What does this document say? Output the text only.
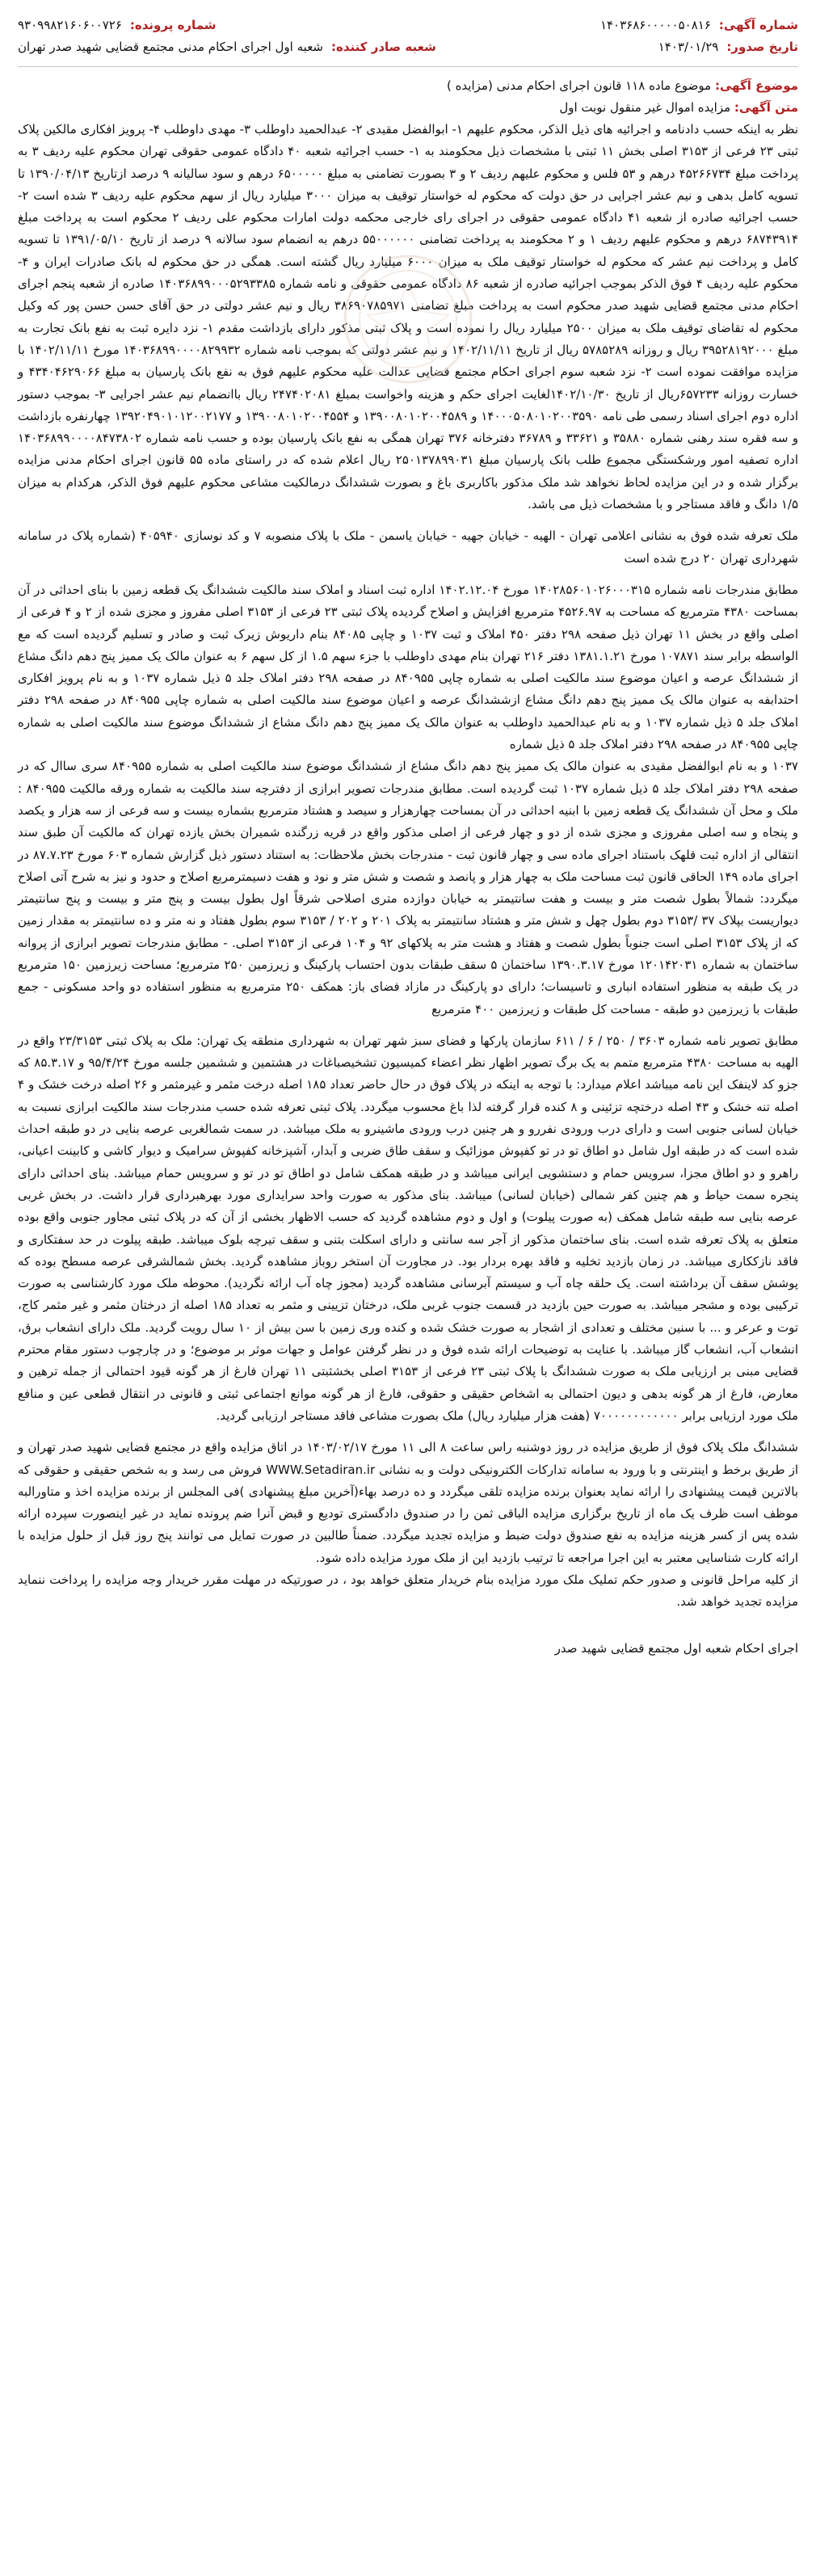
شماره آگهی:
۱۴۰۳۶۸۶۰۰۰۰۰۵۰۸۱۶
شماره پرونده:
۹۳۰۹۹۸۲۱۶۰۶۰۰۷۲۶
تاریخ صدور:
۱۴۰۳/۰۱/۲۹
شعبه صادر کننده:
شعبه اول اجرای احکام مدنی مجتمع قضایی شهید صدر تهران

موضوع آگهی: موضوع ماده ۱۱۸ قانون اجرای احکام مدنی (مزایده )

متن آگهی: مزایده اموال غیر منقول نوبت اول

نظر به اینکه حسب دادنامه و اجرائیه های ذیل الذکر، محکوم علیهم ۱- ابوالفضل مقیدی ۲- عبدالحمید داوطلب ۳- مهدی داوطلب ۴- پرویز افکاری مالکین پلاک ثبتی ۲۳ فرعی از ۳۱۵۳ اصلی بخش ۱۱ ثبتی با مشخصات ذیل محکومند به ۱- حسب اجرائیه شعبه ۴۰ دادگاه عمومی حقوقی تهران محکوم علیه ردیف ۳ به پرداخت مبلغ ۴۵۲۶۶۷۳۴ درهم و ۵۳ فلس و محکوم علیهم ردیف ۲ و ۳ بصورت تضامنی به مبلغ ۶۵۰۰۰۰۰ درهم و سود سالیانه ۹ درصد ازتاریخ ۱۳۹۰/۰۴/۱۳ تا تسویه کامل بدهی و نیم عشر اجرایی در حق دولت که محکوم له خواستار توقیف به میزان ۳۰۰۰ میلیارد ریال از سهم محکوم علیه ردیف ۳ شده است ۲- حسب اجرائیه صادره از شعبه ۴۱ دادگاه عمومی حقوقی در اجرای رای خارجی محکمه دولت امارات محکوم علی ردیف ۲ محکوم است به پرداخت مبلغ ۶۸۷۴۳۹۱۴ درهم و محکوم علیهم ردیف ۱ و ۲ محکومند به پرداخت تضامنی ۵۵۰۰۰۰۰۰ درهم به انضمام سود سالانه ۹ درصد از تاریخ ۱۳۹۱/۰۵/۱۰ تا تسویه کامل و پرداخت نیم عشر که محکوم له خواستار توقیف ملک به میزان ۶۰۰۰ میلیارد ریال گشته است. همگی در حق محکوم له بانک صادرات ایران و ۴- محکوم علیه ردیف ۴ فوق الذکر بموجب اجرائیه صادره از شعبه ۸۶ دادگاه عمومی حقوقی و نامه شماره ۱۴۰۳۶۸۹۹۰۰۰۵۲۹۳۳۸۵ صادره از شعبه پنجم اجرای احکام مدنی مجتمع قضایی شهید صدر محکوم است به پرداخت مبلغ تضامنی ۳۸۶۹۰۷۸۵۹۷۱ ریال و نیم عشر دولتی در حق آقای حسن حسن پور که وکیل محکوم له تقاضای توقیف ملک به میزان ۲۵۰۰ میلیارد ریال را نموده است و پلاک ثبتی مذکور دارای بازداشت مقدم ۱- نزد دایره ثبت به نفع بانک تجارت به مبلغ ۳۹۵۲۸۱۹۲۰۰۰ ریال و روزانه ۵۷۸۵۲۸۹ ریال از تاریخ ۱۴۰۲/۱۱/۱۱ و نیم عشر دولتی که بموجب نامه شماره ۱۴۰۳۶۸۹۹۰۰۰۰۸۲۹۹۳۲ مورخ ۱۴۰۲/۱۱/۱۱ با مزایده موافقت نموده است ۲- نزد شعبه سوم اجرای احکام مجتمع قضایی عدالت علیه محکوم علیهم فوق به نفع بانک پارسیان به مبلغ ۴۳۴۰۴۶۲۹۰۶۶ و خسارت روزانه ۶۵۷۲۳۳ریال از تاریخ ۱۴۰۲/۱۰/۳۰لغایت اجرای حکم و هزینه واخواست بمبلغ ۲۴۷۴۰۲۰۸۱ ریال باانضمام نیم عشر اجرایی ۳- بموجب دستور اداره دوم اجرای اسناد رسمی طی نامه ۱۴۰۰۰۵۰۸۰۱۰۲۰۰۳۵۹۰ و ۱۳۹۰۰۸۰۱۰۲۰۰۴۵۸۹ و ۱۳۹۰۰۸۰۱۰۲۰۰۴۵۵۴ و ۱۳۹۲۰۴۹۰۱۰۱۲۰۰۲۱۷۷ چهارنفره بازداشت و سه فقره سند رهنی شماره ۳۵۸۸۰ و ۳۳۶۲۱ و ۳۶۷۸۹ دفترخانه ۳۷۶ تهران همگی به نفع بانک پارسیان بوده و حسب نامه شماره ۱۴۰۳۶۸۹۹۰۰۰۰۸۴۷۳۸۰۲ اداره تصفیه امور ورشکستگی مجموع طلب بانک پارسیان مبلغ ۲۵۰۱۳۷۸۹۹۰۳۱ ریال اعلام شده که در راستای ماده ۵۵ قانون اجرای احکام مدنی مزایده برگزار شده و در این مزایده لحاظ نخواهد شد ملک مذکور باکاربری باغ و بصورت ششدانگ درمالکیت مشاعی محکوم علیهم فوق الذکر، هرکدام به میزان ۱/۵ دانگ و فاقد مستاجر و با مشخصات ذیل می باشد.

ملک تعرفه شده فوق به نشانی اعلامی تهران - الهیه - خیابان جهیه - خیابان یاسمن - ملک با پلاک منصوبه ۷ و کد نوسازی ۴۰۵۹۴۰ (شماره پلاک در سامانه شهرداری تهران ۲۰ درج شده است

مطابق مندرجات نامه شماره ۱۴۰۲۸۵۶۰۱۰۲۶۰۰۰۳۱۵ مورخ ۱۴۰۲.۱۲.۰۴ اداره ثبت اسناد و املاک سند مالکیت ششدانگ یک قطعه زمین با بنای احداثی در آن بمساحت ۴۳۸۰ مترمربع که مساحت به ۴۵۲۶.۹۷ مترمربع افزایش و اصلاح گردیده پلاک ثبتی ۲۳ فرعی از ۳۱۵۳ اصلی مفروز و مجزی شده از ۲ و ۴ فرعی از اصلی واقع در بخش ۱۱ تهران ذیل صفحه ۲۹۸ دفتر ۴۵۰ املاک و ثبت ۱۰۳۷ و چاپی ۸۴۰۸۵ بنام داریوش زیرک ثبت و صادر و تسلیم گردیده است که مع الواسطه برابر سند ۱۰۷۸۷۱ مورخ ۱۳۸۱.۱.۲۱ دفتر ۲۱۶ تهران بنام مهدی داوطلب با جزء سهم ۱.۵ از کل سهم ۶ به عنوان مالک یک ممیز پنج دهم دانگ مشاع از ششدانگ عرصه و اعیان موضوع سند مالکیت اصلی به شماره چاپی ۸۴۰۹۵۵ در صفحه ۲۹۸ دفتر املاک جلد ۵ ذیل شماره ۱۰۳۷ و به نام پرویز افکاری احتدابفه به عنوان مالک یک ممیز پنج دهم دانگ مشاع ازششدانگ عرصه و اعیان موضوع سند مالکیت اصلی به شماره چاپی ۸۴۰۹۵۵ در صفحه ۲۹۸ دفتر املاک جلد ۵ ذیل شماره ۱۰۳۷ و به نام عبدالحمید داوطلب به عنوان مالک یک ممیز پنج دهم دانگ مشاع از ششدانگ موضوع سند مالکیت اصلی به شماره چاپی ۸۴۰۹۵۵ در صفحه ۲۹۸ دفتر املاک جلد ۵ ذیل شماره

۱۰۳۷ و به نام ابوالفضل مقیدی به عنوان مالک یک ممیز پنج دهم دانگ مشاع از ششدانگ موضوع سند مالکیت اصلی به شماره ۸۴۰۹۵۵ سری ساال که در صفحه ۲۹۸ دفتر املاک جلد ۵ ذیل شماره ۱۰۳۷ ثبت گردیده است. مطابق مندرجات تصویر ابرازی از دفترچه سند مالکیت به شماره ورقه مالکیت ۸۴۰۹۵۵ : ملک و محل آن ششدانگ یک قطعه زمین با ابنیه احداثی در آن بمساحت چهارهزار و سیصد و هشتاد مترمربع بشماره بیست و سه فرعی از سه هزار و یکصد و پنجاه و سه اصلی مفروزی و مجزی شده از دو و چهار فرعی از اصلی مذکور واقع در قریه زرگنده شمیران بخش یازده تهران که مالکیت آن طبق سند انتقالی از اداره ثبت قلهک باستناد اجرای ماده سی و چهار قانون ثبت - مندرجات بخش ملاحظات: به استناد دستور ذیل گزارش شماره ۶۰۳ مورخ ۸۷.۷.۲۳ در اجرای ماده ۱۴۹ الحاقی قانون ثبت مساحت ملک به چهار هزار و پانصد و شصت و شش متر و نود و هفت دسیمترمربع اصلاح و حدود و نیز به شرح آتی اصلاح میگردد: شمالاً بطول شصت متر و بیست و هفت سانتیمتر به خیابان دوازده متری اصلاحی شرقاً اول بطول بیست و پنج متر و بیست و پنج سانتیمتر دیواریست بپلاک ۳۷ /۳۱۵۳ دوم بطول چهل و شش متر و هشتاد سانتیمتر به پلاک ۲۰۱ و ۲۰۲ / ۳۱۵۳ سوم بطول هفتاد و نه متر و ده سانتیمتر به مقدار زمین که از پلاک ۳۱۵۳ اصلی است جنوباً بطول شصت و هفتاد و هشت متر به پلاکهای ۹۲ و ۱۰۴ فرعی از ۳۱۵۳ اصلی. - مطابق مندرجات تصویر ابرازی از پروانه ساختمان به شماره ۱۲۰۱۴۲۰۳۱ مورخ ۱۳۹۰.۳.۱۷ ساختمان ۵ سقف طبقات بدون احتساب پارکینگ و زیرزمین ۲۵۰ مترمربع؛ مساحت زیرزمین ۱۵۰ مترمربع در یک طبقه به منظور استفاده انباری و تاسیسات؛ دارای دو پارکینگ در مازاد فضای باز: همکف ۲۵۰ مترمربع به منظور استفاده دو واحد مسکونی - جمع طبقات با زیرزمین دو طبقه - مساحت کل طبقات و زیرزمین ۴۰۰ مترمربع

مطابق تصویر نامه شماره ۳۶۰۳ / ۲۵۰ / ۶ / ۶۱۱ سازمان پارکها و فضای سبز شهر تهران به شهرداری منطقه یک تهران: ملک به پلاک ثبتی ۲۳/۳۱۵۳ واقع در الهیه به مساحت ۴۳۸۰ مترمربع متمم به یک برگ تصویر اظهار نظر اعضاء کمیسیون تشخیصباغات در هشتمین و ششمین جلسه مورخ ۹۵/۴/۲۴ و ۸۵.۳.۱۷ که جزو کد لاینفک این نامه میباشد اعلام میدارد: با توجه به اینکه در پلاک فوق در حال حاضر تعداد ۱۸۵ اصله درخت مثمر و غیرمثمر و ۲۶ اصله درخت خشک و ۴ اصله تنه خشک و ۴۳ اصله درختچه تزئینی و ۸ کنده قرار گرفته لذا باغ محسوب میگردد. پلاک ثبتی تعرفه شده حسب مندرجات سند مالکیت ابرازی نسبت به خیابان لسانی جنوبی است و دارای درب ورودی نفررو و هر چنین درب ورودی ماشینرو به ملک میباشد. در سمت شمالغربی عرصه بنایی در دو طبقه احداث شده است که در طبقه اول شامل دو اطاق تو در تو کفپوش موزائیک و سقف طاق ضربی و آبدار، آشپزخانه کفپوش سرامیک و دیوار کاشی و کابینت اعیانی، راهرو و دو اطاق مجزا، سرویس حمام و دستشویی ایرانی میباشد و در طبقه همکف شامل دو اطاق تو در تو و سرویس حمام میباشد. بنای احداثی دارای پنجره سمت حیاط و هم چنین کفر شمالی (خیابان لسانی) میباشد. بنای مذکور به صورت واحد سرایداری مورد بهرهبرداری قرار داشت. در بخش غربی عرصه بنایی سه طبقه شامل همکف (به صورت پیلوت) و اول و دوم مشاهده گردید که حسب الاظهار بخشی از آن که در پلاک ثبتی مجاور جنوبی واقع بوده متعلق به پلاک تعرفه شده است. بنای ساختمان مذکور از آجر سه سانتی و دارای اسکلت بتنی و سقف تیرچه بلوک میباشد. طبقه پیلوت در حد سفتکاری و فاقد نازککاری میباشد. در زمان بازدید تخلیه و فاقد بهره بردار بود. در مجاورت آن استخر روباز مشاهده گردید. بخش شمالشرقی عرصه مسطح بوده که پوشش سقف آن برداشته است. یک حلقه چاه آب و سیستم آبرسانی مشاهده گردید (مجوز چاه آب ارائه نگردید). محوطه ملک مورد کارشناسی به صورت ترکیبی بوده و مشجر میباشد. به صورت حین بازدید در قسمت جنوب غربی ملک، درختان تزیینی و مثمر به تعداد ۱۸۵ اصله از درختان مثمر و غیر مثمر کاج، توت و عرعر و ... با سنین مختلف و تعدادی از اشجار به صورت خشک شده و کنده وری زمین با سن بیش از ۱۰ سال رویت گردید. ملک دارای انشعاب برق، انشعاب آب، انشعاب گاز میباشد. با عنایت به توضیحات ارائه شده فوق و در نظر گرفتن عوامل و جهات موثر بر موضوع؛ و در چارچوب دستور مقام محترم قضایی مبنی بر ارزیابی ملک به صورت ششدانگ با پلاک ثبتی ۲۳ فرعی از ۳۱۵۳ اصلی بخشثبتی ۱۱ تهران فارغ از هر گونه قیود احتمالی از جمله ترهین و معارض، فارغ از هر گونه بدهی و دیون احتمالی به اشخاص حقیقی و حقوقی، فارغ از هر گونه موانع اجتماعی ثبتی و قانونی در انتقال قطعی عین و منافع ملک مورد ارزیابی برابر ۷۰۰۰۰۰۰۰۰۰۰۰۰ (هفت هزار میلیارد ریال) ملک بصورت مشاعی فاقد مستاجر ارزیابی گردید.

ششدانگ ملک پلاک فوق از طریق مزایده در روز دوشنبه راس ساعت ۸ الی ۱۱ مورخ ۱۴۰۳/۰۲/۱۷ در اتاق مزایده واقع در مجتمع قضایی شهید صدر تهران و از طریق برخط و اینترنتی و با ورود به سامانه تدارکات الکترونیکی دولت و به نشانی WWW.Setadiran.ir فروش می رسد و به شخص حقیقی و حقوقی که بالاترین قیمت پیشنهادی را ارائه نماید بعنوان برنده مزایده تلقی میگردد و ده درصد بهاء(آخرین مبلغ پیشنهادی )فی المجلس از برنده مزایده اخذ و متاورالبه موظف است ظرف یک ماه از تاریخ برگزاری مزایده الباقی ثمن را در صندوق دادگستری تودیع و قبض آنرا ضم پرونده نماید در غیر اینصورت سپرده ارائه شده پس از کسر هزینه مزایده به نفع صندوق دولت ضبط و مزایده تجدید میگردد. ضمناً طالبین در صورت تمایل می توانند پنج روز قبل از حلول مزایده با ارائه کارت شناسایی معتبر به این اجرا مراجعه تا ترتیب بازدید این از ملک مورد مزایده داده شود.

از کلیه مراحل قانونی و صدور حکم تملیک ملک مورد مزایده بنام خریدار متعلق خواهد بود ، در صورتیکه در مهلت مقرر خریدار وجه مزایده را پرداخت ننماید مزایده تجدید خواهد شد.

اجرای احکام شعبه اول مجتمع قضایی شهید صدر
